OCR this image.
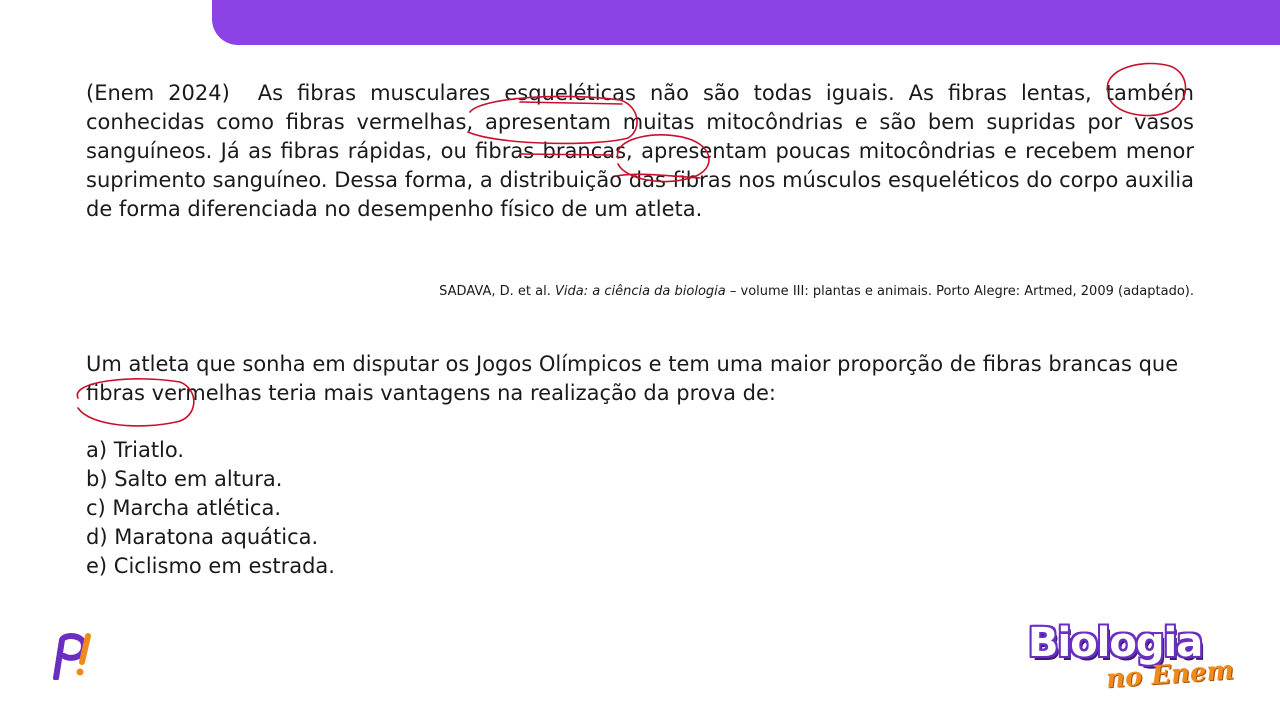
(Enem 2024) As fibras musculares esqueléticas não são todas iguais. As fibras lentas, também conhecidas como fibras vermelhas, apresentam muitas mitocôndrias e são bem supridas por vasos sanguíneos. Já as fibras rápidas, ou fibras brancas, apresentam poucas mitocôndrias e recebem menor suprimento sanguíneo. Dessa forma, a distribuição das fibras nos músculos esqueléticos do corpo auxilia de forma diferenciada no desempenho físico de um atleta.

SADAVA, D. et al. Vida: a ciência da biologia – volume III: plantas e animais. Porto Alegre: Artmed, 2009 (adaptado).

Um atleta que sonha em disputar os Jogos Olímpicos e tem uma maior proporção de fibras brancas que fibras vermelhas teria mais vantagens na realização da prova de:

a) Triatlo.
b) Salto em altura.
c) Marcha atlética.
d) Maratona aquática.
e) Ciclismo em estrada.
Biologia
no Enem
